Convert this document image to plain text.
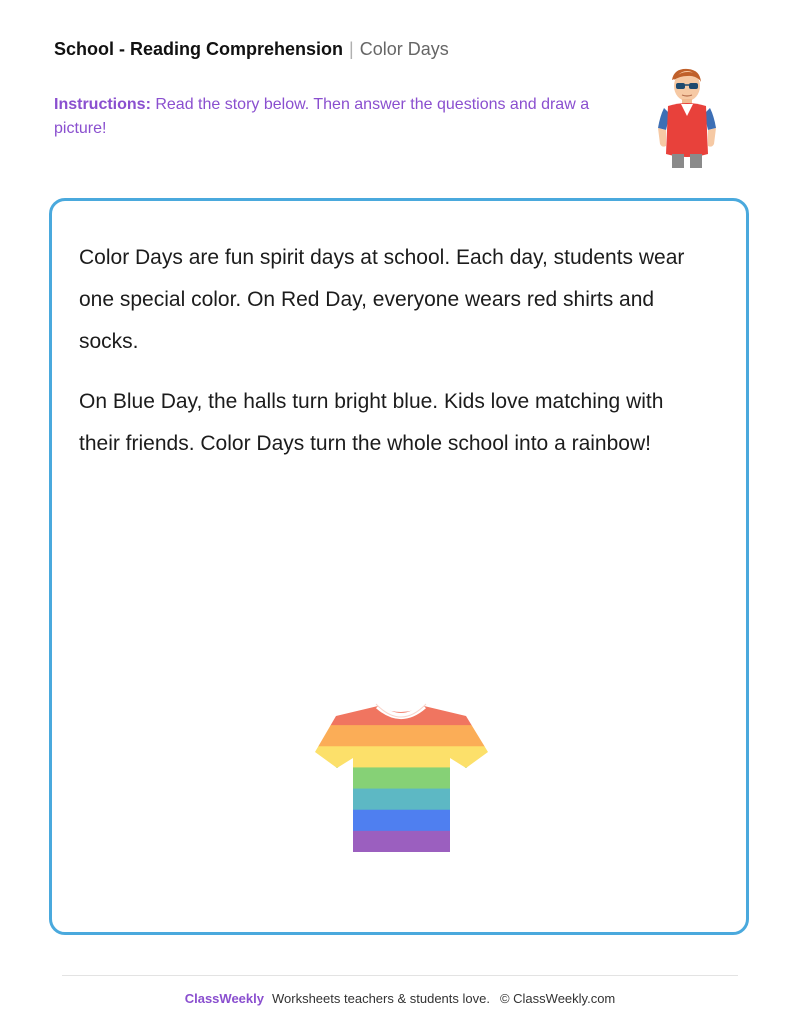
School - Reading Comprehension | Color Days
Instructions: Read the story below. Then answer the questions and draw a picture!

Color Days are fun spirit days at school. Each day, students wear one special color. On Red Day, everyone wears red shirts and socks.

On Blue Day, the halls turn bright blue. Kids love matching with their friends. Color Days turn the whole school into a rainbow!

ClassWeekly Worksheets teachers & students love. © ClassWeekly.com
